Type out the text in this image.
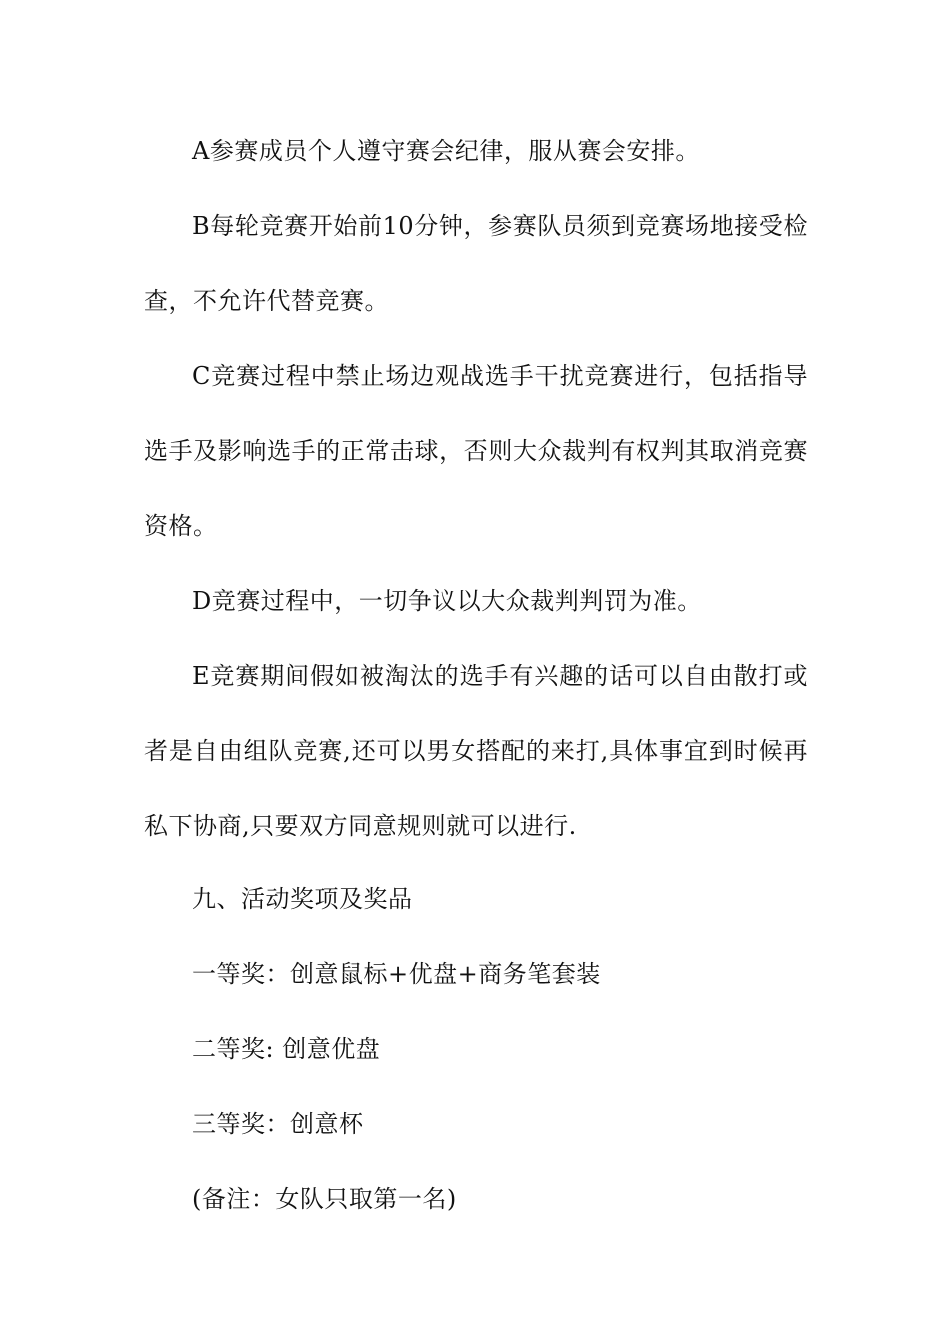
A参赛成员个人遵守赛会纪律，服从赛会安排。
B每轮竞赛开始前10分钟，参赛队员须到竞赛场地接受检
查，不允许代替竞赛。
C竞赛过程中禁止场边观战选手干扰竞赛进行，包括指导
选手及影响选手的正常击球，否则大众裁判有权判其取消竞赛
资格。
D竞赛过程中，一切争议以大众裁判判罚为准。
E竞赛期间假如被淘汰的选手有兴趣的话可以自由散打或
者是自由组队竞赛,还可以男女搭配的来打,具体事宜到时候再
私下协商,只要双方同意规则就可以进行.
九、活动奖项及奖品
一等奖：创意鼠标+优盘+商务笔套装
二等奖: 创意优盘
三等奖：创意杯
(备注：女队只取第一名)
